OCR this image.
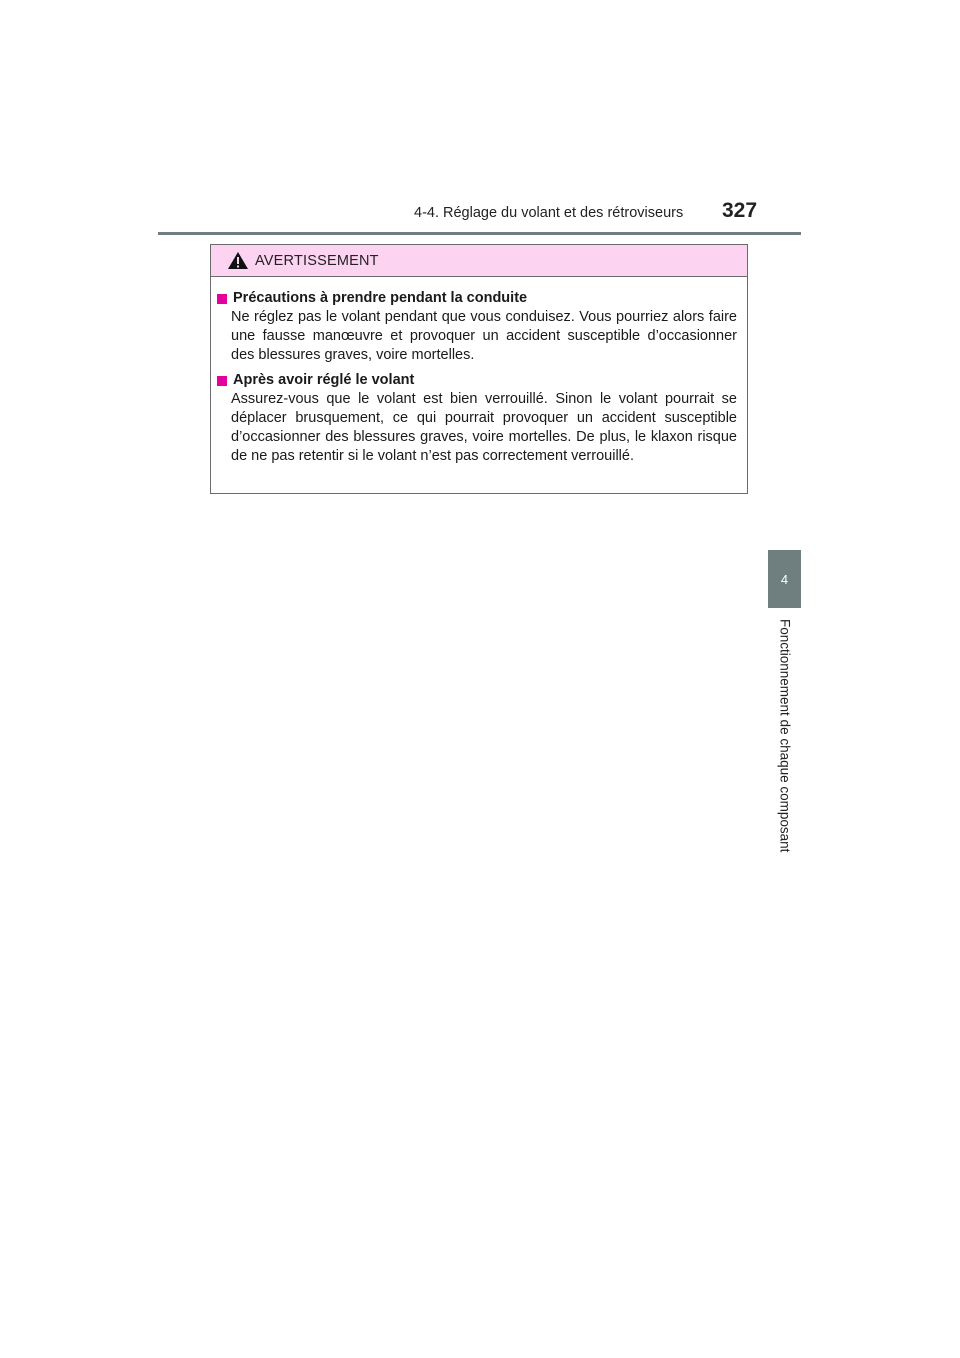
4-4. Réglage du volant et des rétroviseurs 327
4
Fonctionnement de chaque composant
AVERTISSEMENT
Précautions à prendre pendant la conduite
Ne réglez pas le volant pendant que vous conduisez. Vous pourriez alors faire une fausse manœuvre et provoquer un accident susceptible d’occasionner des blessures graves, voire mortelles.
Après avoir réglé le volant
Assurez-vous que le volant est bien verrouillé. Sinon le volant pourrait se déplacer brusquement, ce qui pourrait provoquer un accident susceptible d’occasionner des blessures graves, voire mortelles. De plus, le klaxon risque de ne pas retentir si le volant n’est pas correctement verrouillé.
